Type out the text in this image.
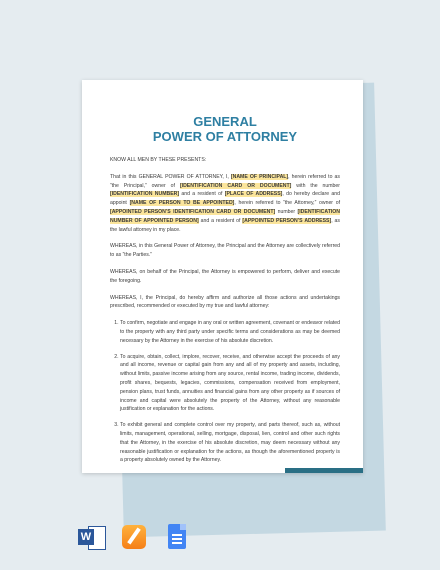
GENERAL
POWER OF ATTORNEY

KNOW ALL MEN BY THESE PRESENTS:

That in this GENERAL POWER OF ATTORNEY, I, [NAME OF PRINCIPAL], herein referred to as “the Principal,” owner of [IDENTIFICATION CARD OR DOCUMENT] with the number [IDENTIFICATION NUMBER] and a resident of [PLACE OF ADDRESS], do hereby declare and appoint [NAME OF PERSON TO BE APPOINTED], herein referred to “the Attorney,” owner of [APPOINTED PERSON’S IDENTIFICATION CARD OR DOCUMENT] number [IDENTIFICATION NUMBER OF APPOINTED PERSON] and a resident of [APPOINTED PERSON’S ADDRESS], as the lawful attorney in my place.

WHEREAS, in this General Power of Attorney, the Principal and the Attorney are collectively referred to as “the Parties.”

WHEREAS, on behalf of the Principal, the Attorney is empowered to perform, deliver and execute the foregoing.

WHEREAS, I, the Principal, do hereby affirm and authorize all those actions and undertakings prescribed, recommended or executed by my true and lawful attorney:

1. To confirm, negotiate and engage in any oral or written agreement, covenant or endeavor related to the property with any third party under specific terms and considerations as may be deemed necessary by the Attorney in the exercise of his absolute discretion.
2. To acquire, obtain, collect, implore, recover, receive, and otherwise accept the proceeds of any and all income, revenue or capital gain from any and all of my property and assets, including, without limits, passive income arising from any source, rental income, trading income, dividends, profit shares, bequests, legacies, commissions, compensation received from employment, pension plans, trust funds, annuities and financial gains from any other property as if sources of income and capital were absolutely the property of the Attorney, without any reasonable justification or explanation for the actions.
3. To exhibit general and complete control over my property, and parts thereof, such as, without limits, management, operational, selling, mortgage, disposal, lien, control and other such rights that the Attorney, in the exercise of his absolute discretion, may deem necessary without any reasonable justification or explanation for the actions, as though the aforementioned property is a property absolutely owned by the Attorney.
W
